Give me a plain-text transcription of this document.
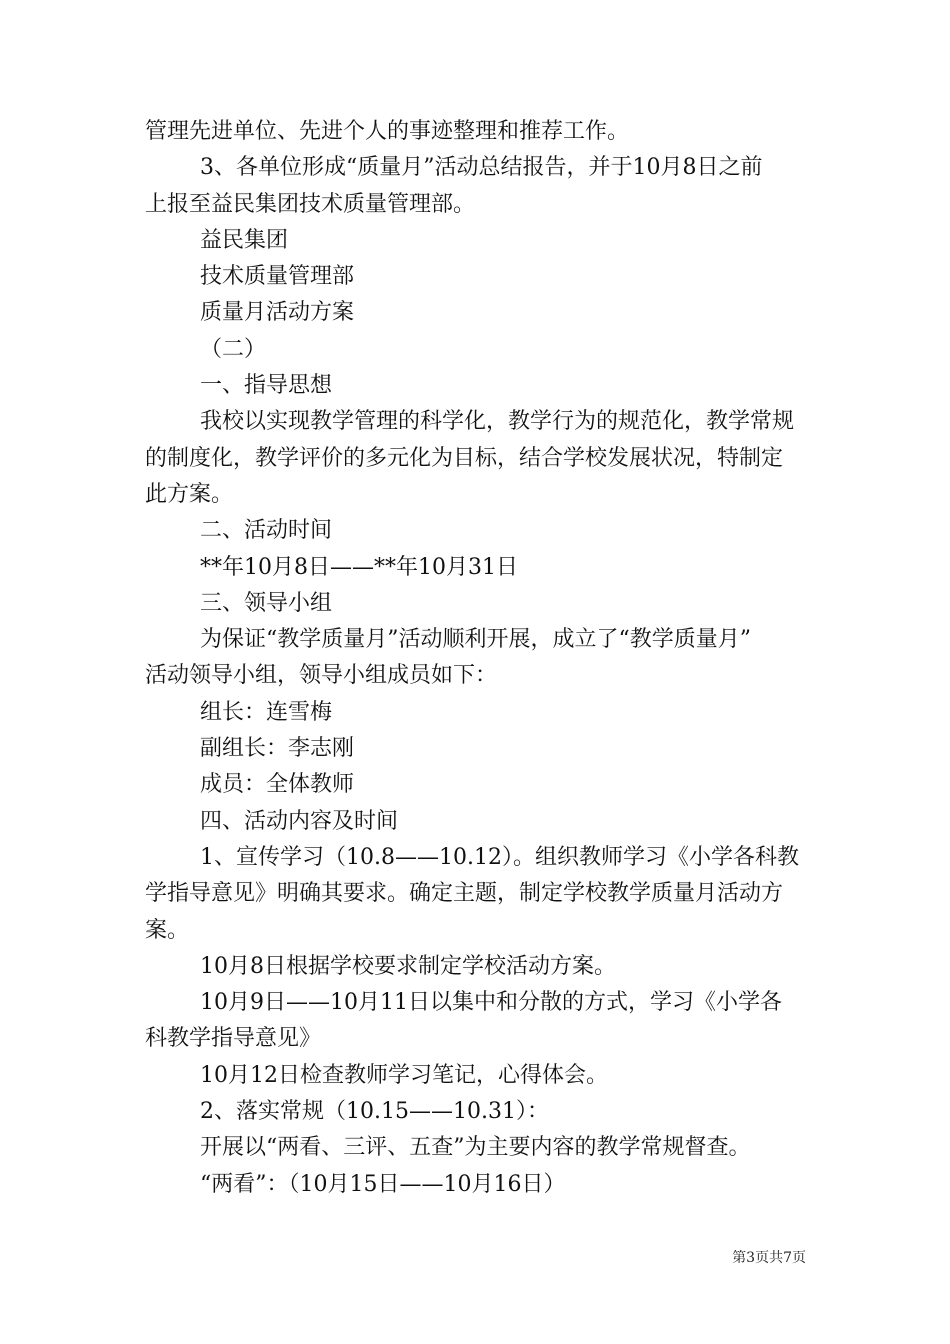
管理先进单位、先进个人的事迹整理和推荐工作。
3、各单位形成“质量月”活动总结报告，并于10月8日之前
上报至益民集团技术质量管理部。
益民集团
技术质量管理部
质量月活动方案
（二）
一、指导思想
我校以实现教学管理的科学化，教学行为的规范化，教学常规
的制度化，教学评价的多元化为目标，结合学校发展状况，特制定
此方案。
二、活动时间
**年10月8日——**年10月31日
三、领导小组
为保证“教学质量月”活动顺利开展，成立了“教学质量月”
活动领导小组，领导小组成员如下：
组长：连雪梅
副组长：李志刚
成员：全体教师
四、活动内容及时间
1、宣传学习（10.8——10.12）。组织教师学习《小学各科教
学指导意见》明确其要求。确定主题，制定学校教学质量月活动方
案。
10月8日根据学校要求制定学校活动方案。
10月9日——10月11日以集中和分散的方式，学习《小学各
科教学指导意见》
10月12日检查教师学习笔记，心得体会。
2、落实常规（10.15——10.31）：
开展以“两看、三评、五查”为主要内容的教学常规督查。
“两看”：（10月15日——10月16日）
第3页共7页
